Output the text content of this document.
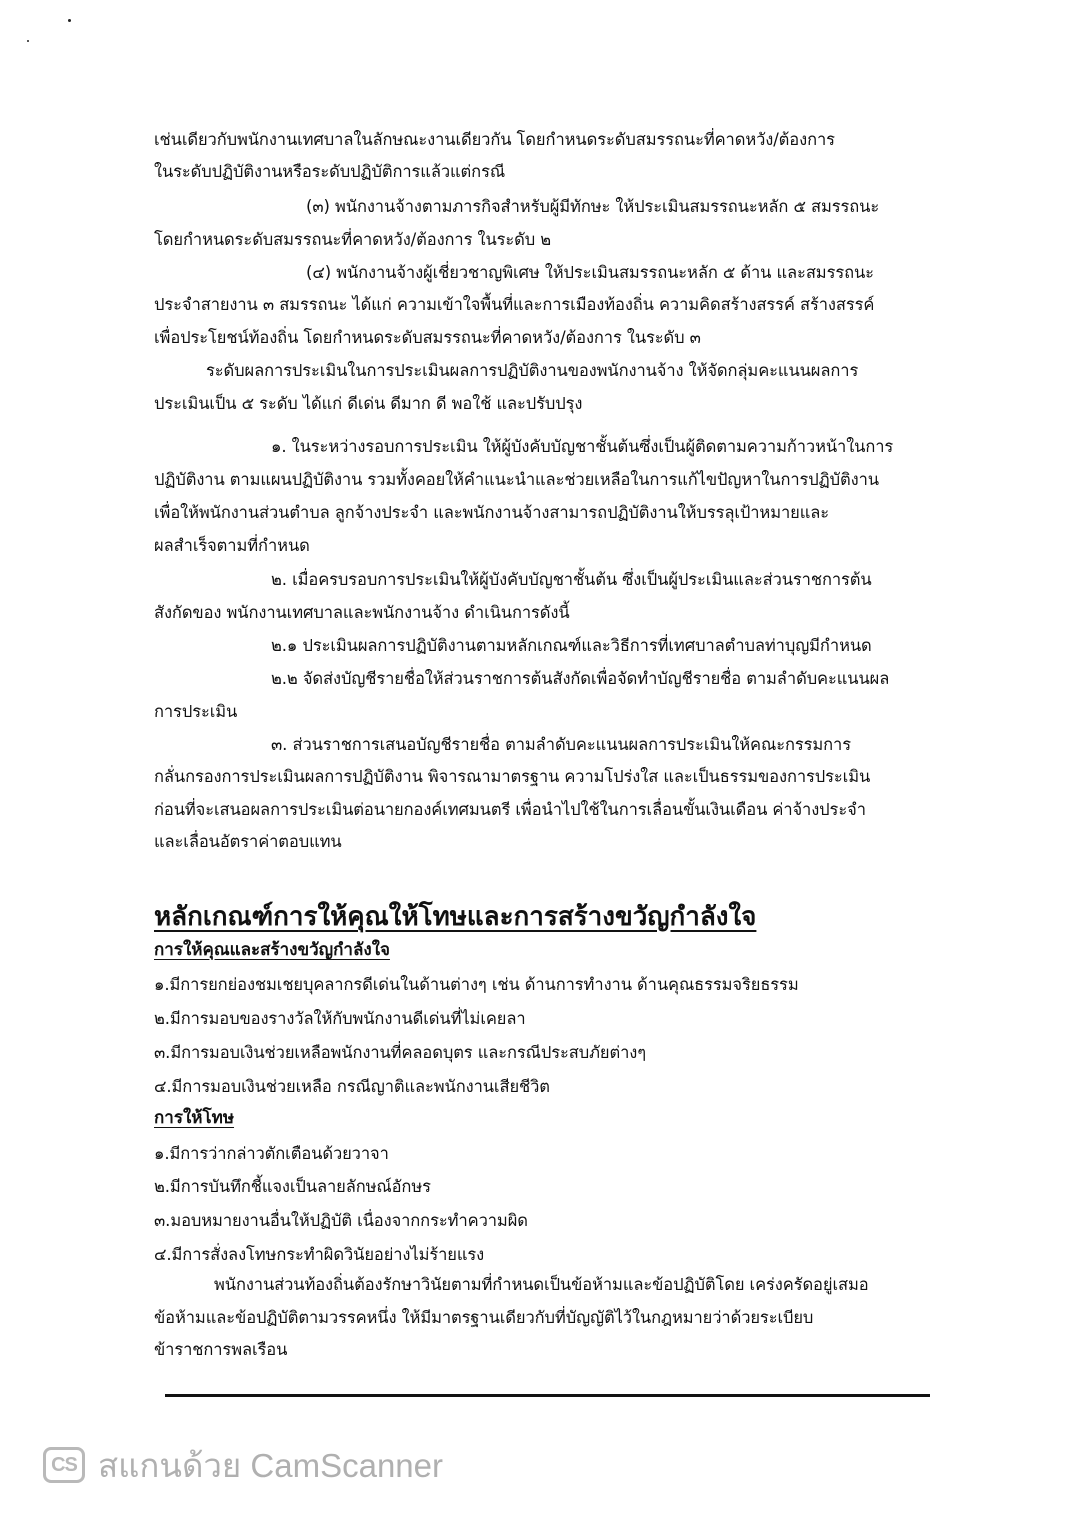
เช่นเดียวกับพนักงานเทศบาลในลักษณะงานเดียวกัน โดยกำหนดระดับสมรรถนะที่คาดหวัง/ต้องการ
ในระดับปฏิบัติงานหรือระดับปฏิบัติการแล้วแต่กรณี
(๓) พนักงานจ้างตามภารกิจสำหรับผู้มีทักษะ ให้ประเมินสมรรถนะหลัก ๕ สมรรถนะ
โดยกำหนดระดับสมรรถนะที่คาดหวัง/ต้องการ ในระดับ ๒
(๔) พนักงานจ้างผู้เชี่ยวชาญพิเศษ ให้ประเมินสมรรถนะหลัก ๕ ด้าน และสมรรถนะ
ประจำสายงาน ๓ สมรรถนะ ได้แก่ ความเข้าใจพื้นที่และการเมืองท้องถิ่น ความคิดสร้างสรรค์ สร้างสรรค์
เพื่อประโยชน์ท้องถิ่น โดยกำหนดระดับสมรรถนะที่คาดหวัง/ต้องการ ในระดับ ๓
ระดับผลการประเมินในการประเมินผลการปฏิบัติงานของพนักงานจ้าง ให้จัดกลุ่มคะแนนผลการ
ประเมินเป็น ๕ ระดับ ได้แก่ ดีเด่น ดีมาก ดี พอใช้ และปรับปรุง
๑. ในระหว่างรอบการประเมิน ให้ผู้บังคับบัญชาชั้นต้นซึ่งเป็นผู้ติดตามความก้าวหน้าในการ
ปฏิบัติงาน ตามแผนปฏิบัติงาน รวมทั้งคอยให้คำแนะนำและช่วยเหลือในการแก้ไขปัญหาในการปฏิบัติงาน
เพื่อให้พนักงานส่วนตำบล ลูกจ้างประจำ และพนักงานจ้างสามารถปฏิบัติงานให้บรรลุเป้าหมายและ
ผลสำเร็จตามที่กำหนด
๒. เมื่อครบรอบการประเมินให้ผู้บังคับบัญชาชั้นต้น ซึ่งเป็นผู้ประเมินและส่วนราชการต้น
สังกัดของ พนักงานเทศบาลและพนักงานจ้าง ดำเนินการดังนี้
๒.๑ ประเมินผลการปฏิบัติงานตามหลักเกณฑ์และวิธีการที่เทศบาลตำบลท่าบุญมีกำหนด
๒.๒ จัดส่งบัญชีรายชื่อให้ส่วนราชการต้นสังกัดเพื่อจัดทำบัญชีรายชื่อ ตามลำดับคะแนนผล
การประเมิน
๓. ส่วนราชการเสนอบัญชีรายชื่อ ตามลำดับคะแนนผลการประเมินให้คณะกรรมการ
กลั่นกรองการประเมินผลการปฏิบัติงาน พิจารณามาตรฐาน ความโปร่งใส และเป็นธรรมของการประเมิน
ก่อนที่จะเสนอผลการประเมินต่อนายกองค์เทศมนตรี เพื่อนำไปใช้ในการเลื่อนขั้นเงินเดือน ค่าจ้างประจำ
และเลื่อนอัตราค่าตอบแทน
หลักเกณฑ์การให้คุณให้โทษและการสร้างขวัญกำลังใจ
การให้คุณและสร้างขวัญกำลังใจ
๑.มีการยกย่องชมเชยบุคลากรดีเด่นในด้านต่างๆ เช่น ด้านการทำงาน ด้านคุณธรรมจริยธรรม
๒.มีการมอบของรางวัลให้กับพนักงานดีเด่นที่ไม่เคยลา
๓.มีการมอบเงินช่วยเหลือพนักงานที่คลอดบุตร และกรณีประสบภัยต่างๆ
๔.มีการมอบเงินช่วยเหลือ กรณีญาติและพนักงานเสียชีวิต
การให้โทษ
๑.มีการว่ากล่าวตักเตือนด้วยวาจา
๒.มีการบันทึกชี้แจงเป็นลายลักษณ์อักษร
๓.มอบหมายงานอื่นให้ปฏิบัติ เนื่องจากกระทำความผิด
๔.มีการสั่งลงโทษกระทำผิดวินัยอย่างไม่ร้ายแรง
พนักงานส่วนท้องถิ่นต้องรักษาวินัยตามที่กำหนดเป็นข้อห้ามและข้อปฏิบัติโดย เคร่งครัดอยู่เสมอ
ข้อห้ามและข้อปฏิบัติตามวรรคหนึ่ง ให้มีมาตรฐานเดียวกับที่บัญญัติไว้ในกฎหมายว่าด้วยระเบียบ
ข้าราชการพลเรือน
CS สแกนด้วย CamScanner
